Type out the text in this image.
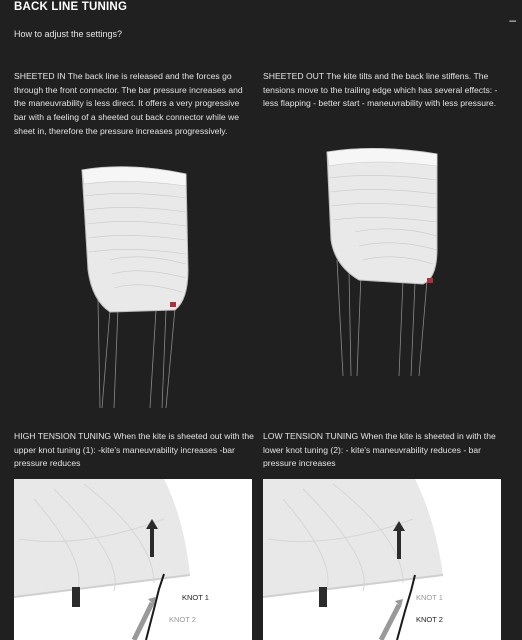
BACK LINE TUNING
How to adjust the settings?
–
SHEETED IN The back line is released and the forces go through the front connector. The bar pressure increases and the maneuvrability is less direct. It offers a very progressive bar with a feeling of a sheeted out back connector while we sheet in, therefore the pressure increases progressively.
SHEETED OUT The kite tilts and the back line stiffens. The tensions move to the trailing edge which has several effects: - less flapping - better start - maneuvrability with less pressure.
HIGH TENSION TUNING When the kite is sheeted out with the upper knot tuning (1): -kite's maneuvrability increases -bar pressure reduces
LOW TENSION TUNING When the kite is sheeted in with the lower knot tuning (2): - kite's maneuvrability reduces - bar pressure increases
KNOT 1
KNOT 2
KNOT 1
KNOT 2
